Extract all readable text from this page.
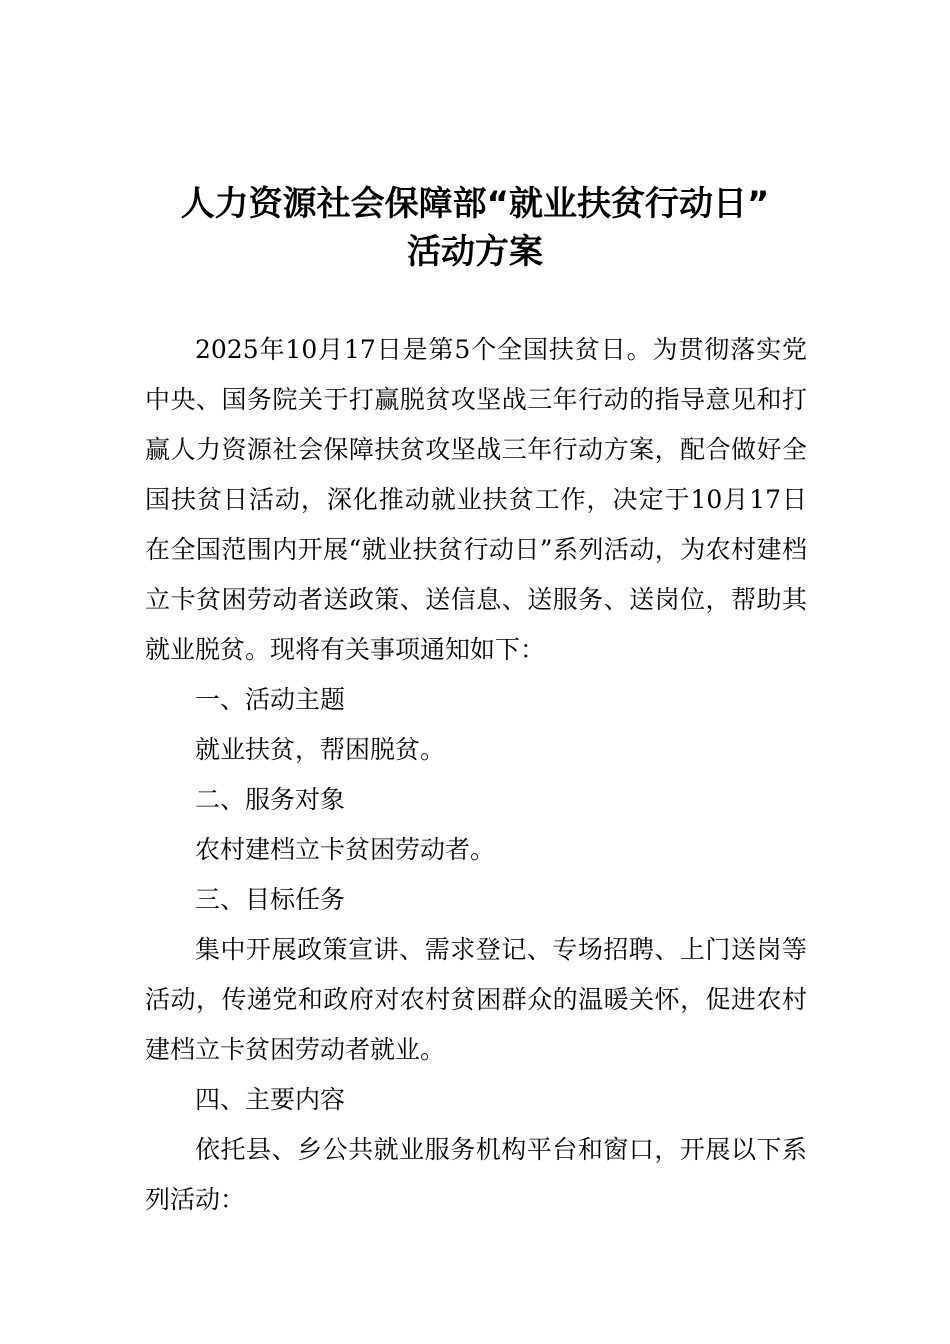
人力资源社会保障部“就业扶贫行动日”
活动方案

2025年10月17日是第5个全国扶贫日。为贯彻落实党中央、国务院关于打赢脱贫攻坚战三年行动的指导意见和打赢人力资源社会保障扶贫攻坚战三年行动方案，配合做好全国扶贫日活动，深化推动就业扶贫工作，决定于10月17日在全国范围内开展“就业扶贫行动日”系列活动，为农村建档立卡贫困劳动者送政策、送信息、送服务、送岗位，帮助其就业脱贫。现将有关事项通知如下：

一、活动主题

就业扶贫，帮困脱贫。

二、服务对象

农村建档立卡贫困劳动者。

三、目标任务

集中开展政策宣讲、需求登记、专场招聘、上门送岗等活动，传递党和政府对农村贫困群众的温暖关怀，促进农村建档立卡贫困劳动者就业。

四、主要内容

依托县、乡公共就业服务机构平台和窗口，开展以下系列活动：
